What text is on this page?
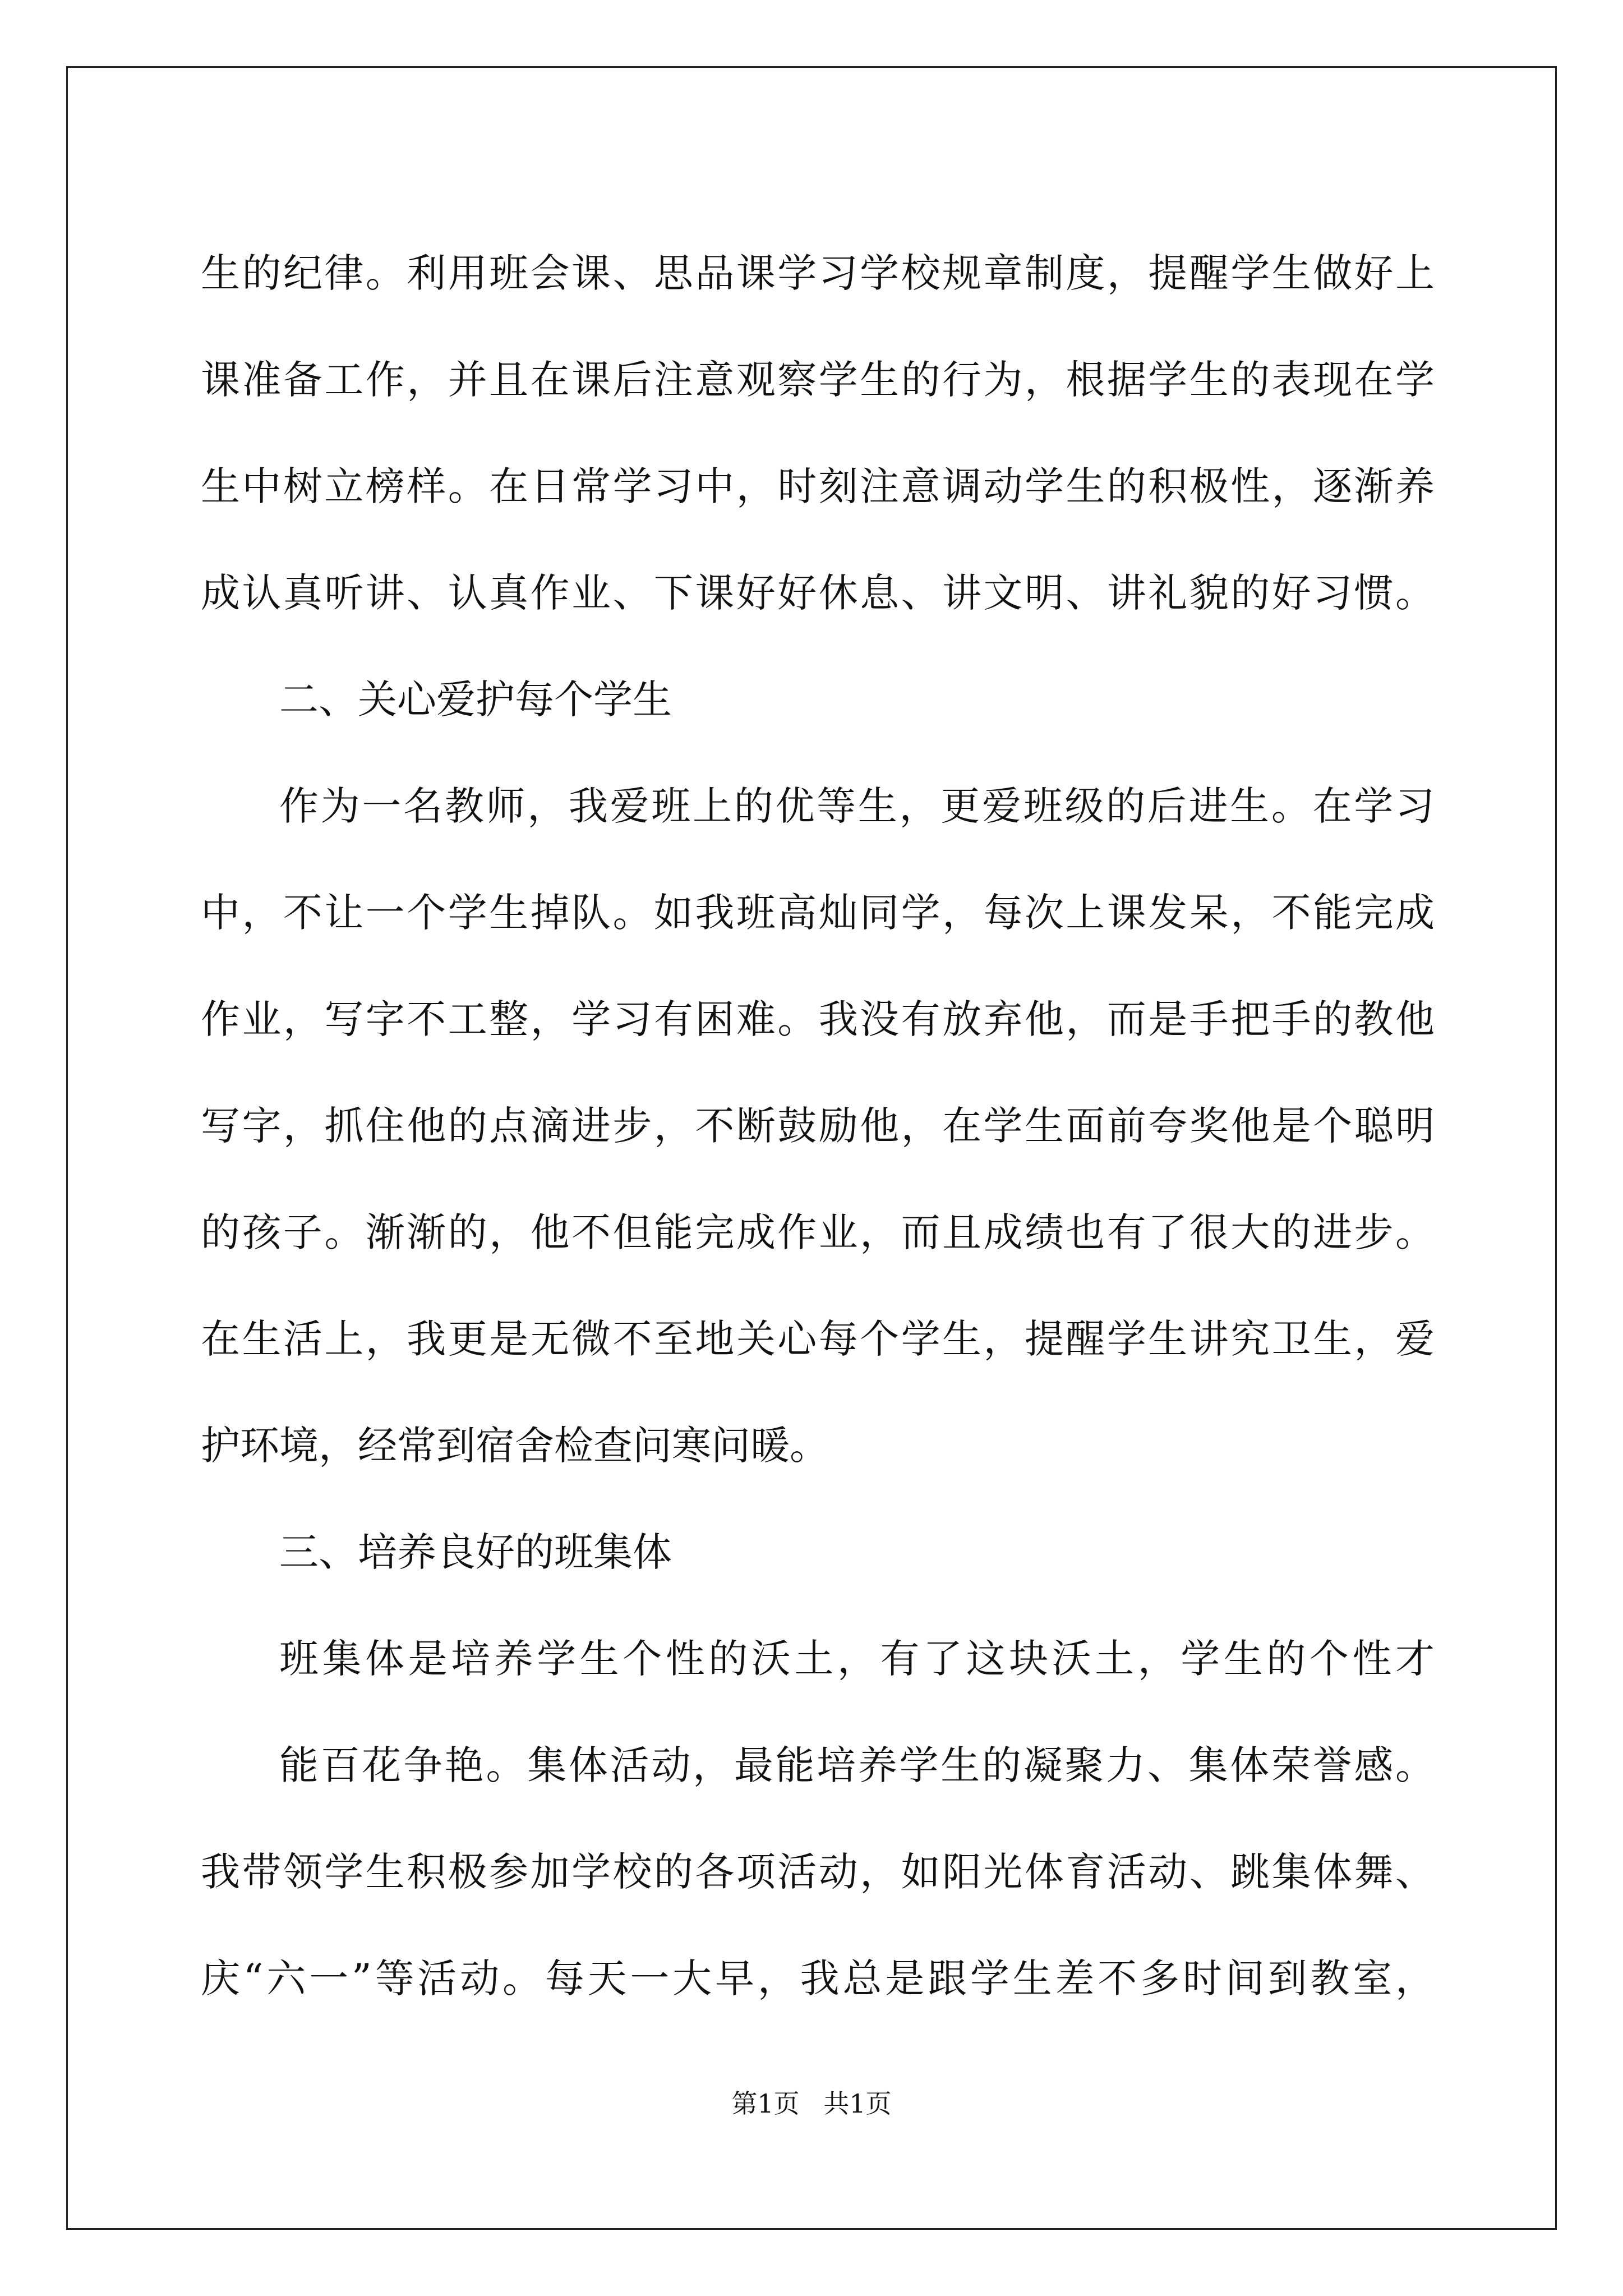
生的纪律。利用班会课、思品课学习学校规章制度，提醒学生做好上

课准备工作，并且在课后注意观察学生的行为，根据学生的表现在学

生中树立榜样。在日常学习中，时刻注意调动学生的积极性，逐渐养

成认真听讲、认真作业、下课好好休息、讲文明、讲礼貌的好习惯。

二、关心爱护每个学生

作为一名教师，我爱班上的优等生，更爱班级的后进生。在学习

中，不让一个学生掉队。如我班高灿同学，每次上课发呆，不能完成

作业，写字不工整，学习有困难。我没有放弃他，而是手把手的教他

写字，抓住他的点滴进步，不断鼓励他，在学生面前夸奖他是个聪明

的孩子。渐渐的，他不但能完成作业，而且成绩也有了很大的进步。

在生活上，我更是无微不至地关心每个学生，提醒学生讲究卫生，爱

护环境，经常到宿舍检查问寒问暖。

三、培养良好的班集体

班集体是培养学生个性的沃土，有了这块沃土，学生的个性才

能百花争艳。集体活动，最能培养学生的凝聚力、集体荣誉感。

我带领学生积极参加学校的各项活动，如阳光体育活动、跳集体舞、

庆“六一”等活动。每天一大早，我总是跟学生差不多时间到教室，

第1页 共1页
